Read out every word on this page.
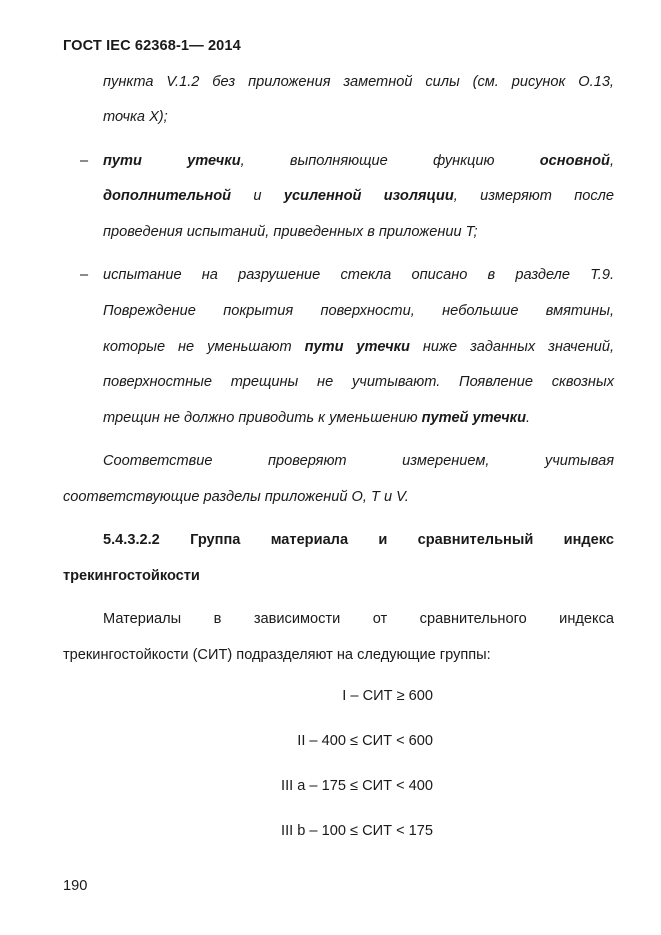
ГОСТ IEC 62368-1— 2014
пункта V.1.2 без приложения заметной силы (см. рисунок О.13,
точка X);
– пути	утечки, выполняющие функцию	основной,
дополнительной и усиленной изоляции, измеряют после
проведения испытаний, приведенных в приложении T;
– испытание на разрушение стекла описано в разделе T.9.
Повреждение покрытия поверхности, небольшие вмятины,
которые не уменьшают пути утечки ниже заданных значений,
поверхностные трещины не учитывают. Появление сквозных
трещин не должно приводить к уменьшению путей утечки.
Соответствие проверяют измерением, учитывая
соответствующие разделы приложений O, T и V.
5.4.3.2.2 Группа материала и сравнительный индекс
трекингостойкости
Материалы в зависимости от сравнительного индекса
трекингостойкости (СИТ) подразделяют на следующие группы:
I – СИТ ≥ 600
II – 400 ≤ СИТ < 600
III a – 175 ≤ СИТ < 400
III b – 100 ≤ СИТ < 175
190
